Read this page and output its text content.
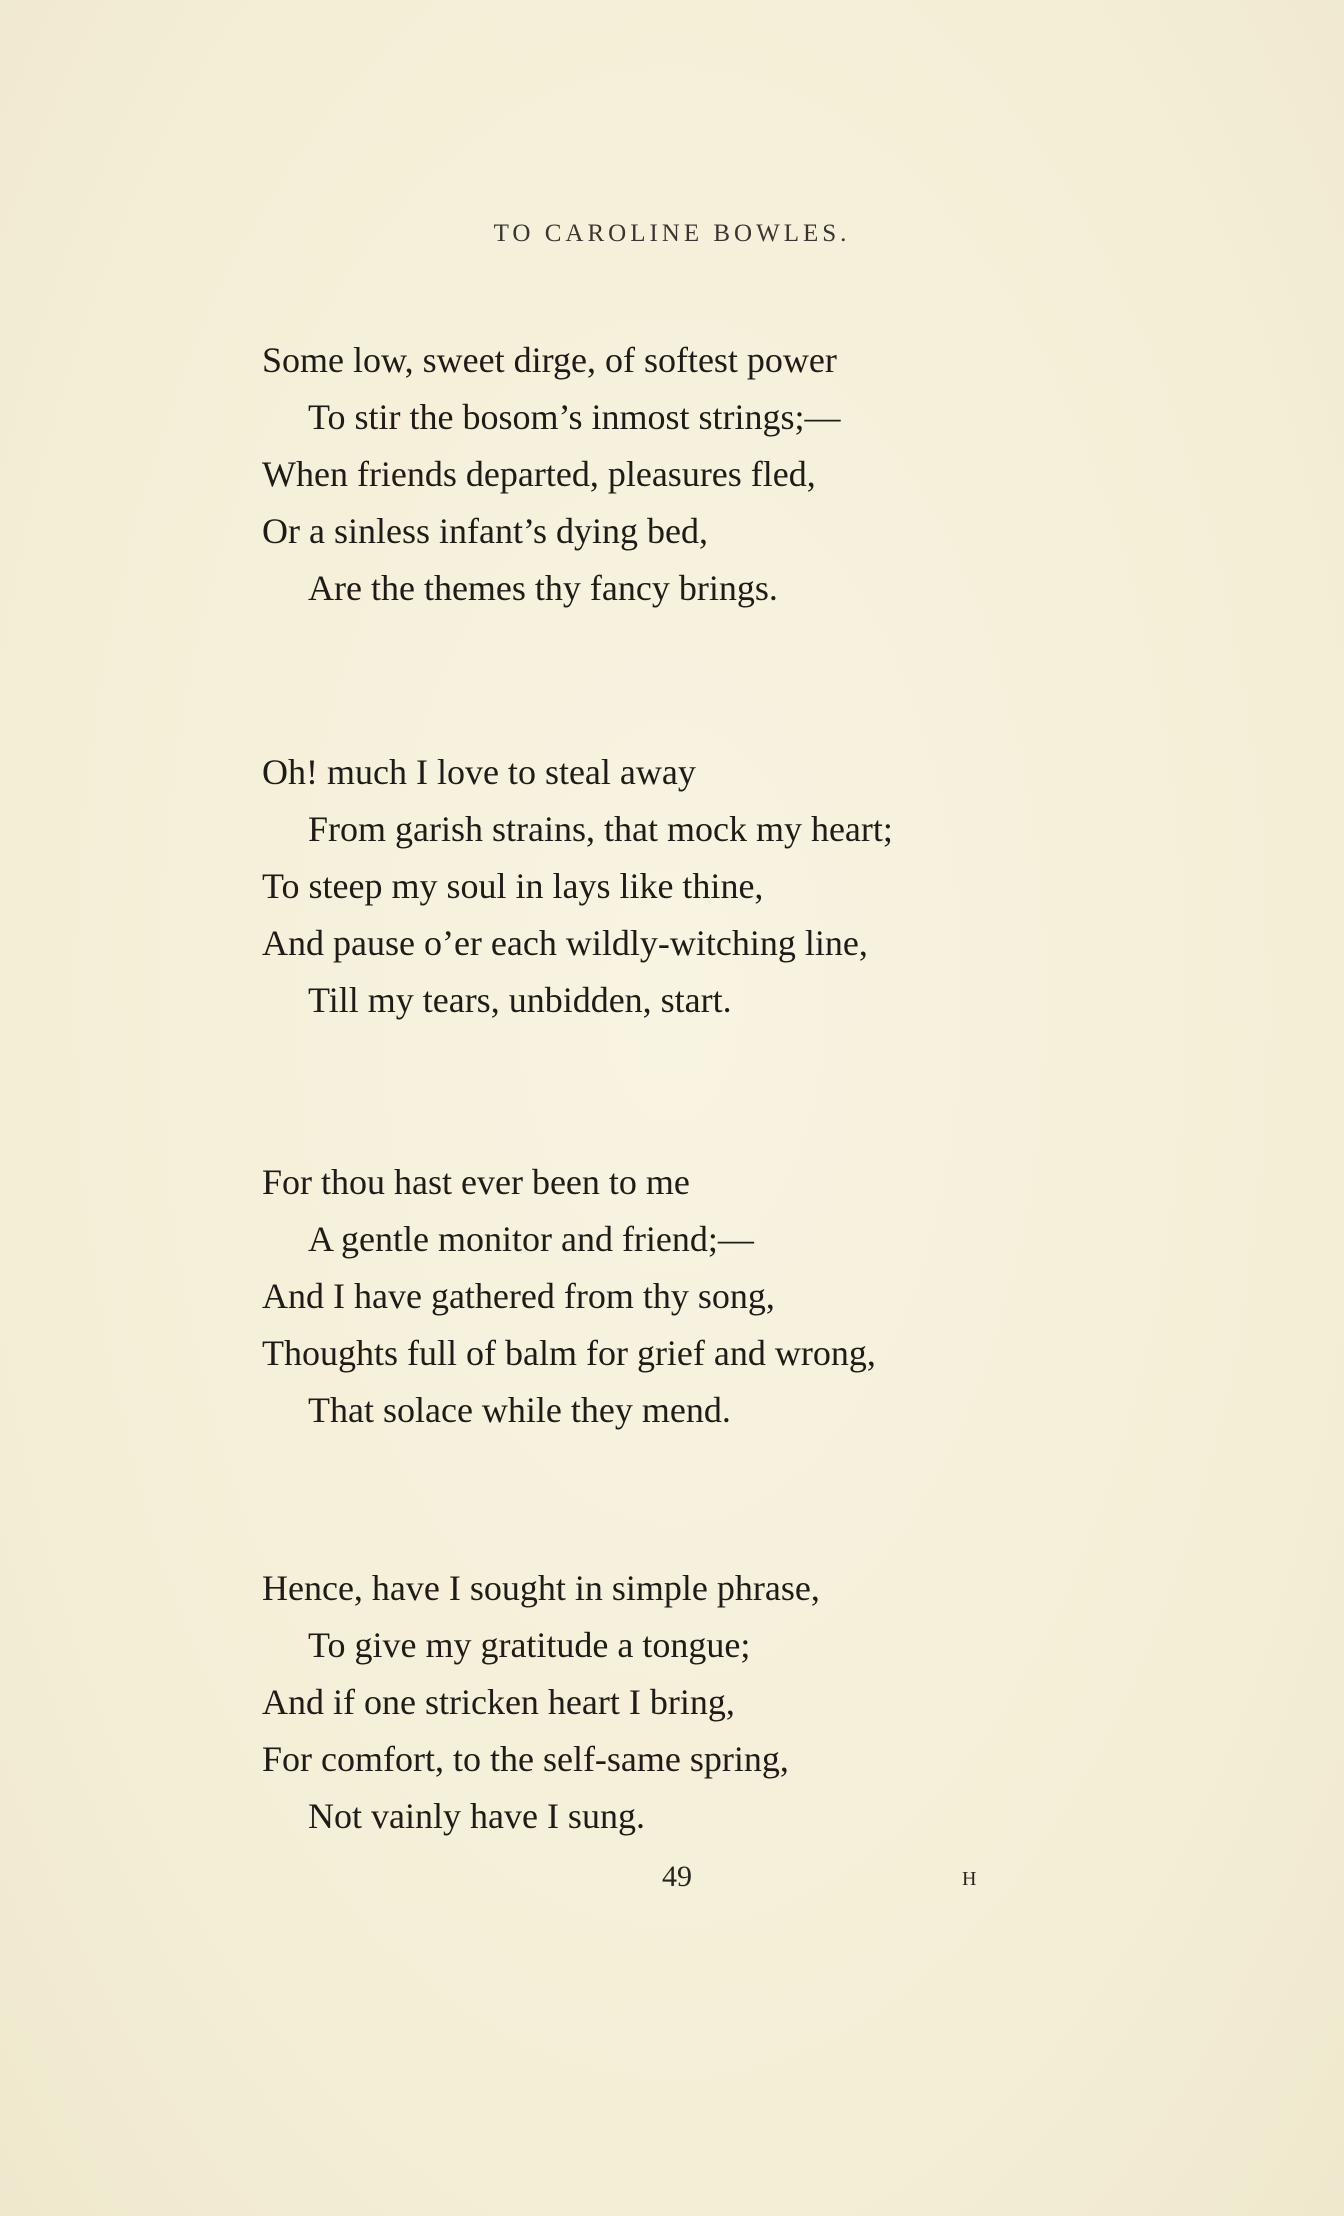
TO CAROLINE BOWLES.
Some low, sweet dirge, of softest power
To stir the bosom’s inmost strings;—
When friends departed, pleasures fled,
Or a sinless infant’s dying bed,
Are the themes thy fancy brings.
Oh! much I love to steal away
From garish strains, that mock my heart;
To steep my soul in lays like thine,
And pause o’er each wildly-witching line,
Till my tears, unbidden, start.
For thou hast ever been to me
A gentle monitor and friend;—
And I have gathered from thy song,
Thoughts full of balm for grief and wrong,
That solace while they mend.
Hence, have I sought in simple phrase,
To give my gratitude a tongue;
And if one stricken heart I bring,
For comfort, to the self-same spring,
Not vainly have I sung.
49	H
